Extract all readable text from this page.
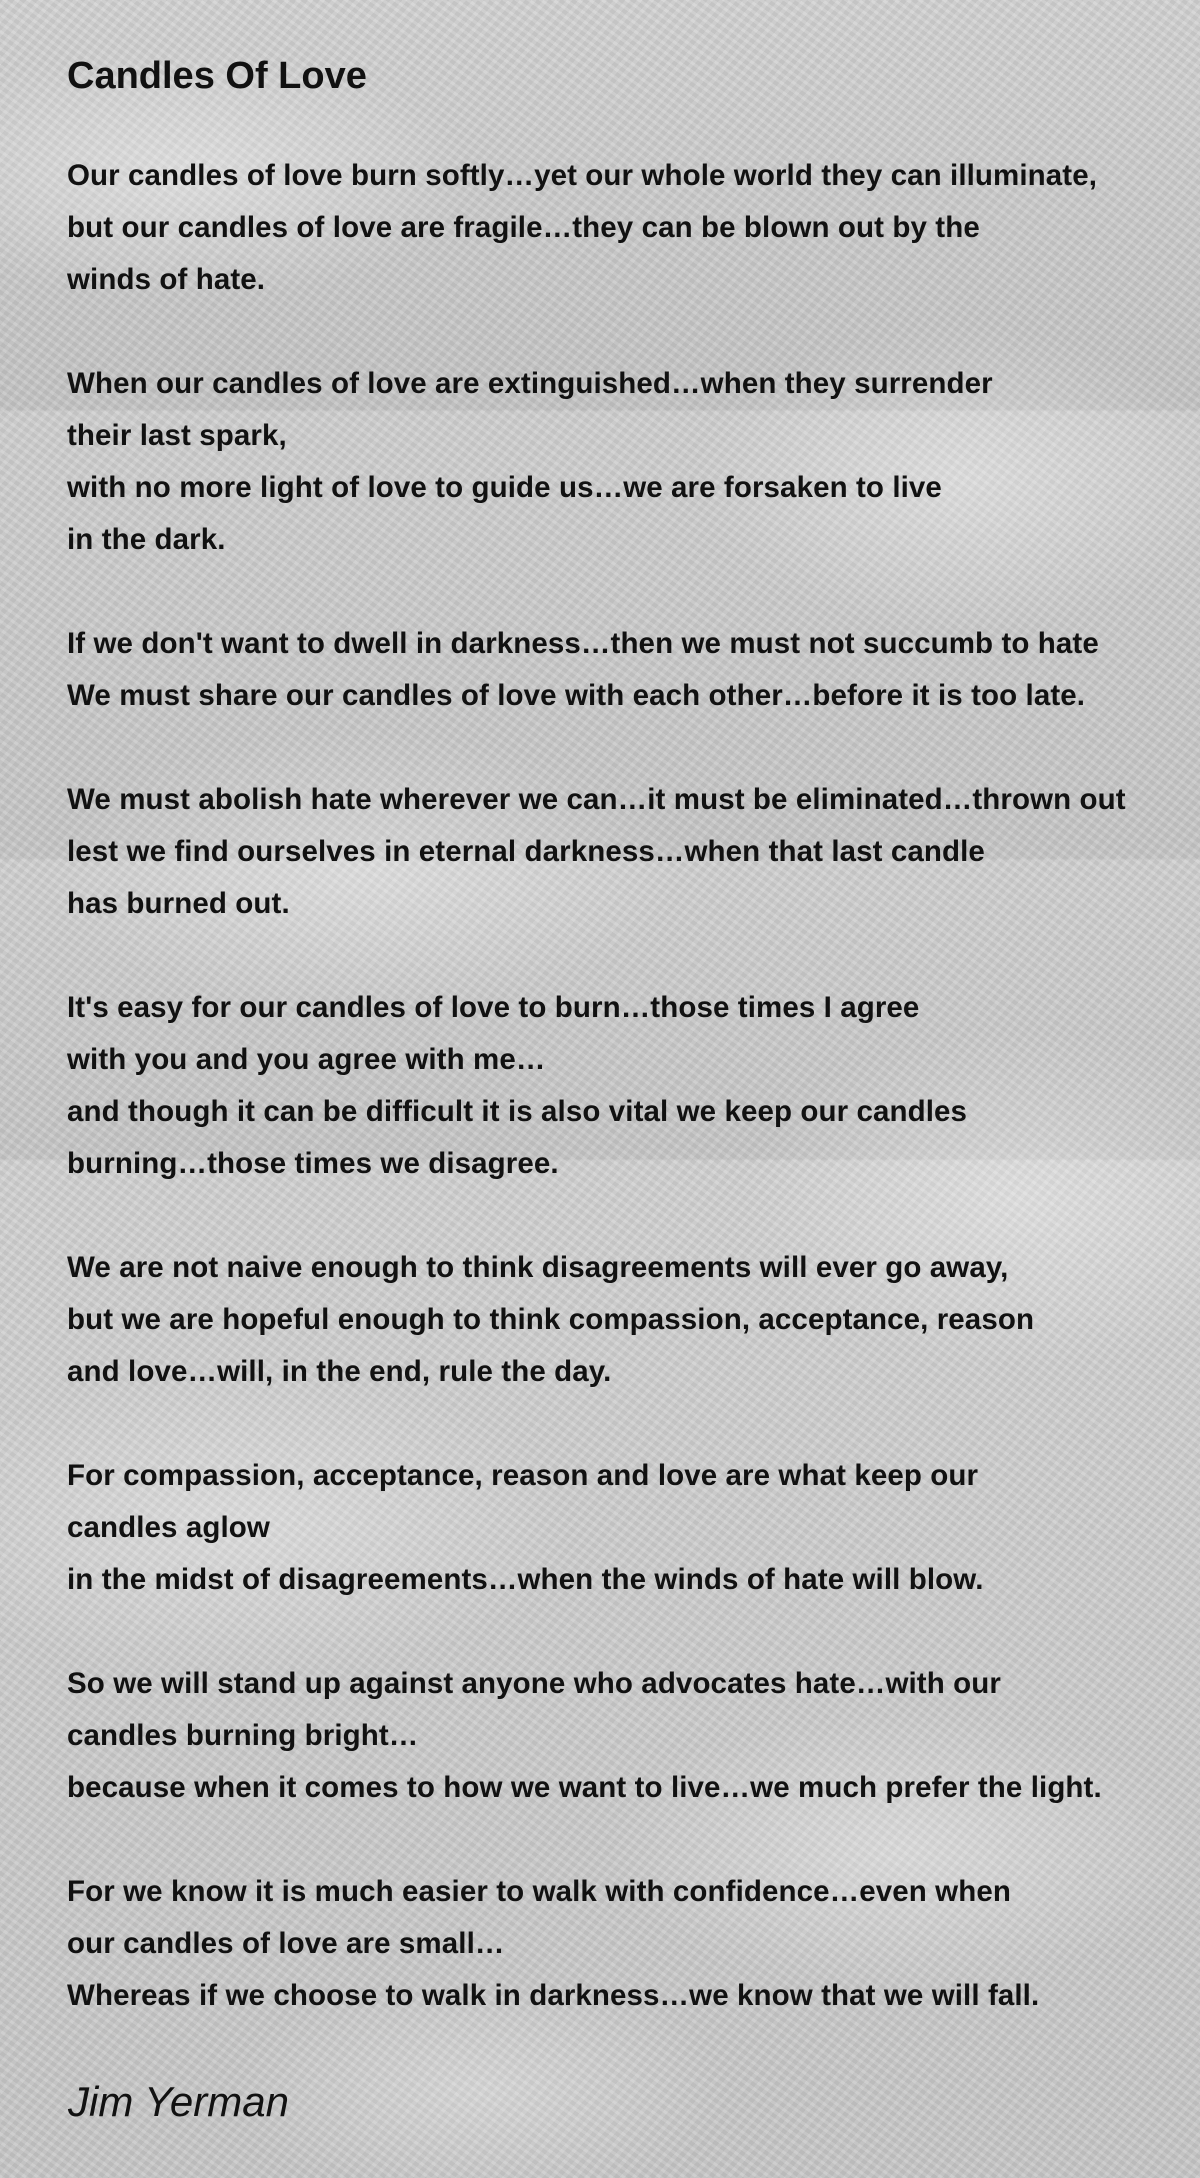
Candles Of Love
Our candles of love burn softly…yet our whole world they can illuminate,
but our candles of love are fragile…they can be blown out by the
winds of hate.
When our candles of love are extinguished…when they surrender
their last spark,
with no more light of love to guide us…we are forsaken to live
in the dark.
If we don't want to dwell in darkness…then we must not succumb to hate
We must share our candles of love with each other…before it is too late.
We must abolish hate wherever we can…it must be eliminated…thrown out
lest we find ourselves in eternal darkness…when that last candle
has burned out.
It's easy for our candles of love to burn…those times I agree
with you and you agree with me…
and though it can be difficult it is also vital we keep our candles
burning…those times we disagree.
We are not naive enough to think disagreements will ever go away,
but we are hopeful enough to think compassion, acceptance, reason
and love…will, in the end, rule the day.
For compassion, acceptance, reason and love are what keep our
candles aglow
in the midst of disagreements…when the winds of hate will blow.
So we will stand up against anyone who advocates hate…with our
candles burning bright…
because when it comes to how we want to live…we much prefer the light.
For we know it is much easier to walk with confidence…even when
our candles of love are small…
Whereas if we choose to walk in darkness…we know that we will fall.
Jim Yerman
